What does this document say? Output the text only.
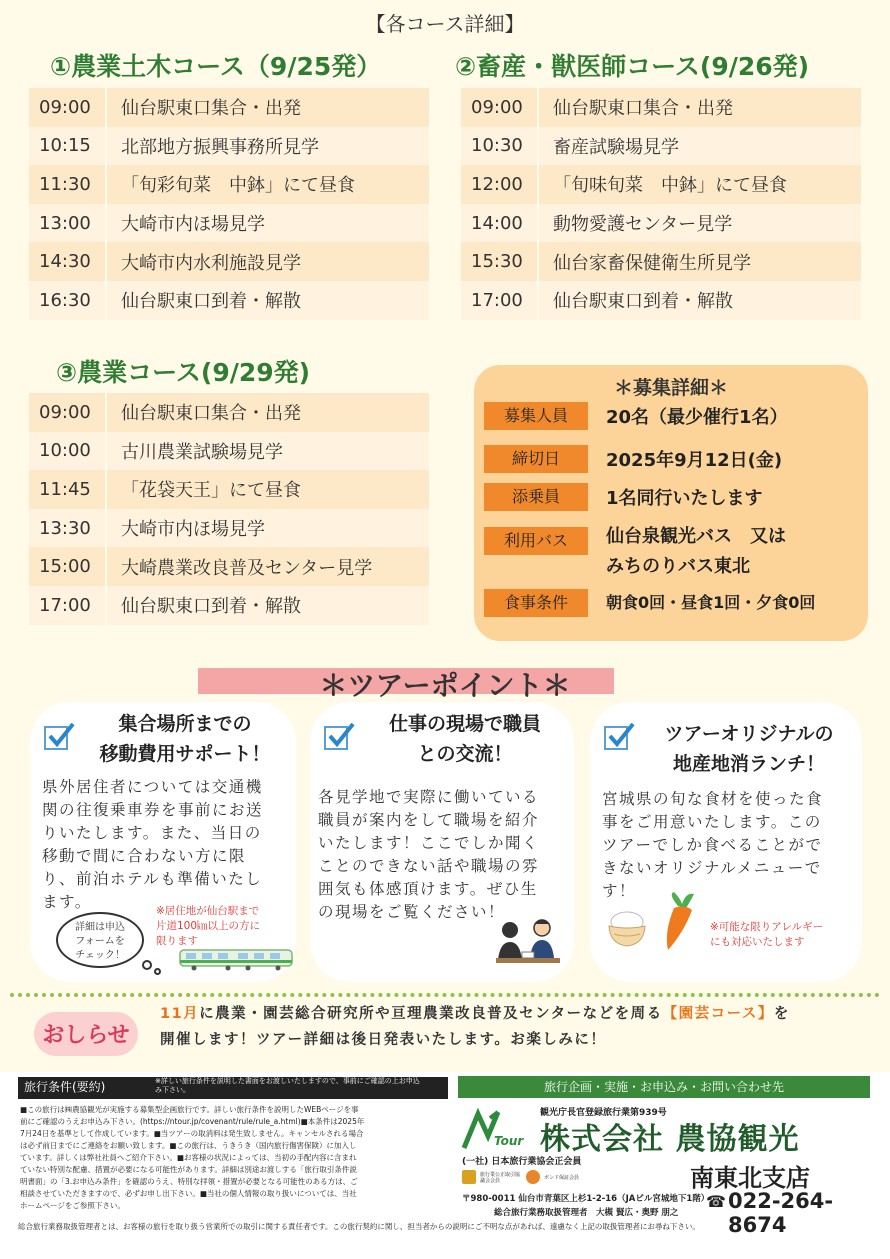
【各コース詳細】
①農業土木コース（9/25発）
09:00	仙台駅東口集合・出発
10:15	北部地方振興事務所見学
11:30	「旬彩旬菜　中鉢」にて昼食
13:00	大崎市内ほ場見学
14:30	大崎市内水利施設見学
16:30	仙台駅東口到着・解散
②畜産・獣医師コース(9/26発)
09:00	仙台駅東口集合・出発
10:30	畜産試験場見学
12:00	「旬味旬菜　中鉢」にて昼食
14:00	動物愛護センター見学
15:30	仙台家畜保健衛生所見学
17:00	仙台駅東口到着・解散
③農業コース(9/29発)
09:00	仙台駅東口集合・出発
10:00	古川農業試験場見学
11:45	「花袋天王」にて昼食
13:30	大崎市内ほ場見学
15:00	大崎農業改良普及センター見学
17:00	仙台駅東口到着・解散
＊募集詳細＊
募集人員	20名（最少催行1名）
締切日	2025年9月12日(金)
添乗員	1名同行いたします
利用バス	仙台泉観光バス　又は
みちのりバス東北
食事条件	朝食0回・昼食1回・夕食0回
＊ツアーポイント＊
集合場所までの
移動費用サポート！
県外居住者については交通機
関の往復乗車券を事前にお送
りいたします。また、当日の
移動で間に合わない方に限
り、前泊ホテルも準備いたし
ます。
詳細は申込
フォームを
チェック！
※居住地が仙台駅まで
片道100㎞以上の方に
限ります
仕事の現場で職員
との交流！
各見学地で実際に働いている
職員が案内をして職場を紹介
いたします！ここでしか聞く
ことのできない話や職場の雰
囲気も体感頂けます。ぜひ生
の現場をご覧ください！
ツアーオリジナルの
地産地消ランチ！
宮城県の旬な食材を使った食
事をご用意いたします。この
ツアーでしか食べることがで
きないオリジナルメニューで
す！
※可能な限りアレルギー
にも対応いたします
おしらせ
11月に農業・園芸総合研究所や亘理農業改良普及センターなどを周る【園芸コース】を
開催します！ツアー詳細は後日発表いたします。お楽しみに！
旅行条件(要約)	※詳しい旅行条件を説明した書面をお渡しいたしますので、事前にご確認の上お申込み下さい。
■この旅行は㈱農協観光が実施する募集型企画旅行です。詳しい旅行条件を説明したWEBページを事
前にご確認のうえお申込み下さい。(https://ntour.jp/covenant/rule/rule_a.html)■本条件は2025年
7月24日を基準として作成しています。■当ツアーの取消料は発生致しません。キャンセルされる場合
は必ず前日までにご連絡をお願い致します。■この旅行は、うきうき（国内旅行傷害保険）に加入し
ています。詳しくは弊社社員へご紹介下さい。■お客様の状況によっては、当初の手配内容に含まれ
ていない特別な配慮、措置が必要になる可能性があります。詳細は別途お渡しする「旅行取引条件説
明書面」の「3.お申込み条件」を確認のうえ、特別な拝領・措置が必要となる可能性のある方は、ご
相談させていただきますので、必ずお申し出下さい。■当社の個人情報の取り扱いについては、当社
ホームページをご参照下さい。
旅行企画・実施・お申込み・お問い合わせ先
観光庁長官登録旅行業第939号
Tour 株式会社 農協観光
(一社) 日本旅行業協会正会員
南東北支店
旅行業公正取引協議会会員	ボンド保証会員
〒980-0011 仙台市青葉区上杉1-2-16（JAビル宮城地下1階）
総合旅行業務取扱管理者　大槻 賢広・奥野 朋之
☎ 022-264-8674
総合旅行業務取扱管理者とは、お客様の旅行を取り扱う営業所での取引に関する責任者です。この旅行契約に関し、担当者からの説明にご不明な点があれば、遠慮なく上記の取扱管理者にお尋ね下さい。
